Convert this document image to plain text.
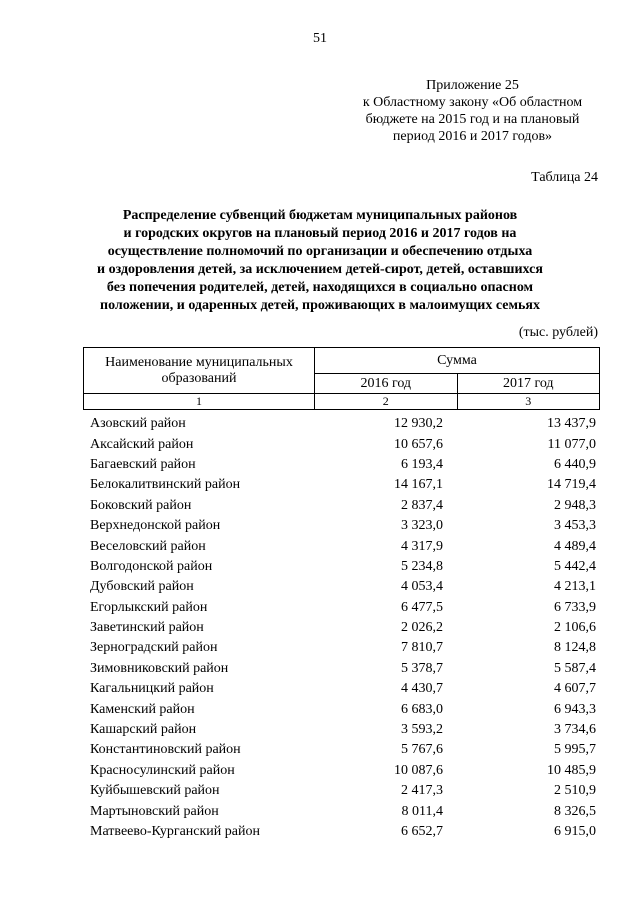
51
Приложение 25
к Областному закону «Об областном
бюджете на 2015 год и на плановый
период 2016 и 2017 годов»
Таблица 24
Распределение субвенций бюджетам муниципальных районов
и городских округов на плановый период 2016 и 2017 годов на
осуществление полномочий по организации и обеспечению отдыха
и оздоровления детей, за исключением детей-сирот, детей, оставшихся
без попечения родителей, детей, находящихся в социально опасном
положении, и одаренных детей, проживающих в малоимущих семьях
(тыс. рублей)
Наименование муниципальных образований	Сумма	
	2016 год	2017 год
1	2	3
Азовский район	12 930,2	13 437,9
Аксайский район	10 657,6	11 077,0
Багаевский район	6 193,4	6 440,9
Белокалитвинский район	14 167,1	14 719,4
Боковский район	2 837,4	2 948,3
Верхнедонской район	3 323,0	3 453,3
Веселовский район	4 317,9	4 489,4
Волгодонской район	5 234,8	5 442,4
Дубовский район	4 053,4	4 213,1
Егорлыкский район	6 477,5	6 733,9
Заветинский район	2 026,2	2 106,6
Зерноградский район	7 810,7	8 124,8
Зимовниковский район	5 378,7	5 587,4
Кагальницкий район	4 430,7	4 607,7
Каменский район	6 683,0	6 943,3
Кашарский район	3 593,2	3 734,6
Константиновский район	5 767,6	5 995,7
Красносулинский район	10 087,6	10 485,9
Куйбышевский район	2 417,3	2 510,9
Мартыновский район	8 011,4	8 326,5
Матвеево-Курганский район	6 652,7	6 915,0
